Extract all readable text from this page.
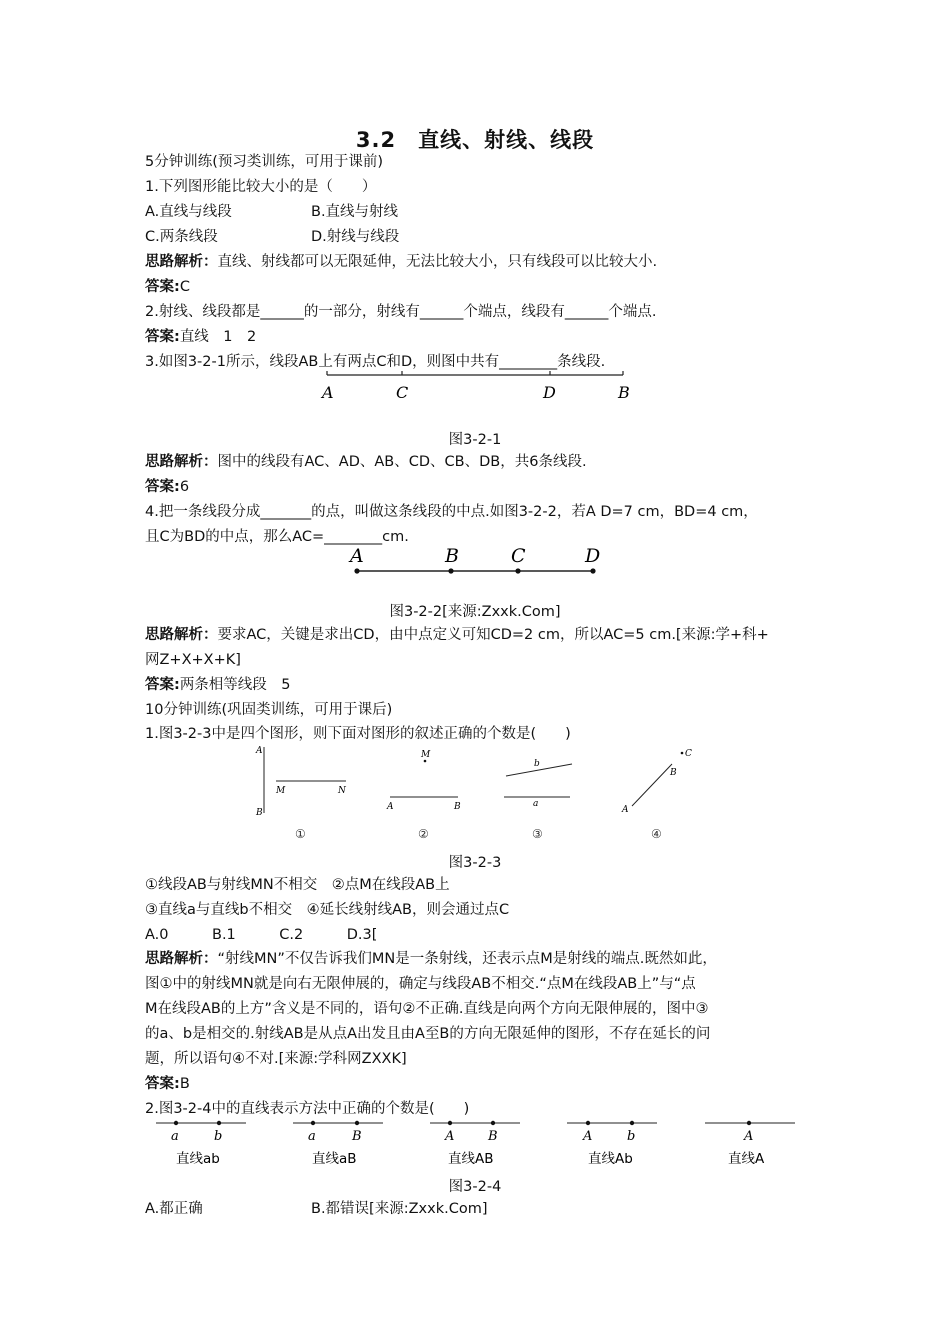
3.2　直线、射线、线段
5分钟训练(预习类训练，可用于课前)
1.下列图形能比较大小的是（　　）
A.直线与线段	B.直线与射线
C.两条线段	D.射线与线段
思路解析：直线、射线都可以无限延伸，无法比较大小，只有线段可以比较大小.
答案:C
2.射线、线段都是______的一部分，射线有______个端点，线段有______个端点.
答案:直线　1　2
3.如图3-2-1所示，线段AB上有两点C和D，则图中共有________条线段.
A	C	D	B
图3-2-1
思路解析：图中的线段有AC、AD、AB、CD、CB、DB，共6条线段.
答案:6
4.把一条线段分成_______的点，叫做这条线段的中点.如图3-2-2，若A D=7 cm，BD=4 cm，
且C为BD的中点，那么AC=________cm.
A	B	C	D
图3-2-2[来源:Zxxk.Com]
思路解析：要求AC，关键是求出CD，由中点定义可知CD=2 cm，所以AC=5 cm.[来源:学+科+
网Z+X+X+K]
答案:两条相等线段　5
10分钟训练(巩固类训练，可用于课后)
1.图3-2-3中是四个图形，则下面对图形的叙述正确的个数是(　　)
A
B
M	N
M
A	B
b
a
C
B
A
①	②	③	④
图3-2-3
①线段AB与射线MN不相交　②点M在线段AB上
③直线a与直线b不相交　④延长线射线AB，则会通过点C
A.0　　　B.1　　　C.2　　　D.3[
思路解析：“射线MN”不仅告诉我们MN是一条射线，还表示点M是射线的端点.既然如此，
图①中的射线MN就是向右无限伸展的，确定与线段AB不相交.“点M在线段AB上”与“点
M在线段AB的上方”含义是不同的，语句②不正确.直线是向两个方向无限伸展的，图中③
的a、b是相交的.射线AB是从点A出发且由A至B的方向无限延伸的图形，不存在延长的问
题，所以语句④不对.[来源:学科网ZXXK]
答案:B
2.图3-2-4中的直线表示方法中正确的个数是(　　)
a	b
直线ab
a	B
直线aB
A	B
直线AB
A	b
直线Ab
A
直线A
图3-2-4
A.都正确	B.都错误[来源:Zxxk.Com]
